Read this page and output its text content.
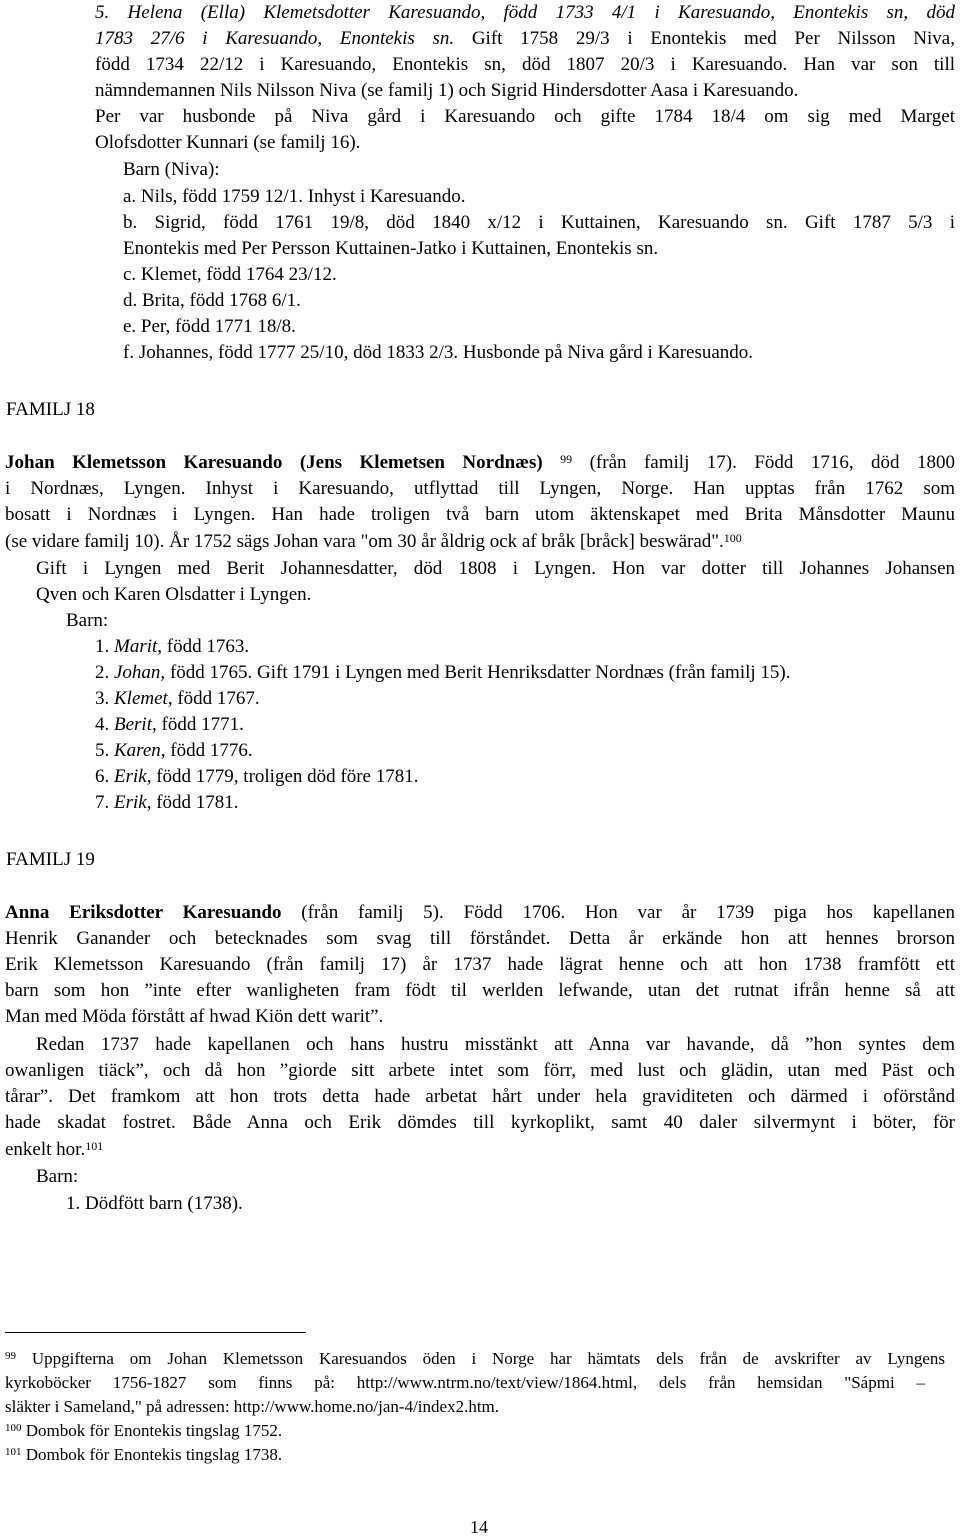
5. Helena (Ella) Klemetsdotter Karesuando, född 1733 4/1 i Karesuando, Enontekis sn, död
1783 27/6 i Karesuando, Enontekis sn. Gift 1758 29/3 i Enontekis med Per Nilsson Niva,
född 1734 22/12 i Karesuando, Enontekis sn, död 1807 20/3 i Karesuando. Han var son till
nämndemannen Nils Nilsson Niva (se familj 1) och Sigrid Hindersdotter Aasa i Karesuando.
Per var husbonde på Niva gård i Karesuando och gifte 1784 18/4 om sig med Marget
Olofsdotter Kunnari (se familj 16).
Barn (Niva):
a. Nils, född 1759 12/1. Inhyst i Karesuando.
b. Sigrid, född 1761 19/8, död 1840 x/12 i Kuttainen, Karesuando sn. Gift 1787 5/3 i
Enontekis med Per Persson Kuttainen-Jatko i Kuttainen, Enontekis sn.
c. Klemet, född 1764 23/12.
d. Brita, född 1768 6/1.
e. Per, född 1771 18/8.
f. Johannes, född 1777 25/10, död 1833 2/3. Husbonde på Niva gård i Karesuando.
FAMILJ 18
Johan Klemetsson Karesuando (Jens Klemetsen Nordnæs) $^{99}$ (från familj 17). Född 1716, död 1800
i Nordnæs, Lyngen. Inhyst i Karesuando, utflyttad till Lyngen, Norge. Han upptas från 1762 som
bosatt i Nordnæs i Lyngen. Han hade troligen två barn utom äktenskapet med Brita Månsdotter Maunu
(se vidare familj 10). År 1752 sägs Johan vara "om 30 år åldrig ock af bråk [bråck] beswärad".$^{100}$
Gift i Lyngen med Berit Johannesdatter, död 1808 i Lyngen. Hon var dotter till Johannes Johansen
Qven och Karen Olsdatter i Lyngen.
Barn:
1. Marit, född 1763.
2. Johan, född 1765. Gift 1791 i Lyngen med Berit Henriksdatter Nordnæs (från familj 15).
3. Klemet, född 1767.
4. Berit, född 1771.
5. Karen, född 1776.
6. Erik, född 1779, troligen död före 1781.
7. Erik, född 1781.
FAMILJ 19
Anna Eriksdotter Karesuando (från familj 5). Född 1706. Hon var år 1739 piga hos kapellanen
Henrik Ganander och betecknades som svag till förståndet. Detta år erkände hon att hennes brorson
Erik Klemetsson Karesuando (från familj 17) år 1737 hade lägrat henne och att hon 1738 framfött ett
barn som hon ”inte efter wanligheten fram födt til werlden lefwande, utan det rutnat ifrån henne så att
Man med Möda förstått af hwad Kiön dett warit”.
Redan 1737 hade kapellanen och hans hustru misstänkt att Anna var havande, då ”hon syntes dem
owanligen tiäck”, och då hon ”giorde sitt arbete intet som förr, med lust och glädin, utan med Päst och
tårar”. Det framkom att hon trots detta hade arbetat hårt under hela graviditeten och därmed i oförstånd
hade skadat fostret. Både Anna och Erik dömdes till kyrkoplikt, samt 40 daler silvermynt i böter, för
enkelt hor.$^{101}$
Barn:
1. Dödfött barn (1738).
$^{99}$ Uppgifterna om Johan Klemetsson Karesuandos öden i Norge har hämtats dels från de avskrifter av Lyngens
kyrkoböcker 1756-1827 som finns på: http://www.ntrm.no/text/view/1864.html, dels från hemsidan "Sápmi –
släkter i Sameland," på adressen: http://www.home.no/jan-4/index2.htm.
$^{100}$ Dombok för Enontekis tingslag 1752.
$^{101}$ Dombok för Enontekis tingslag 1738.
14
